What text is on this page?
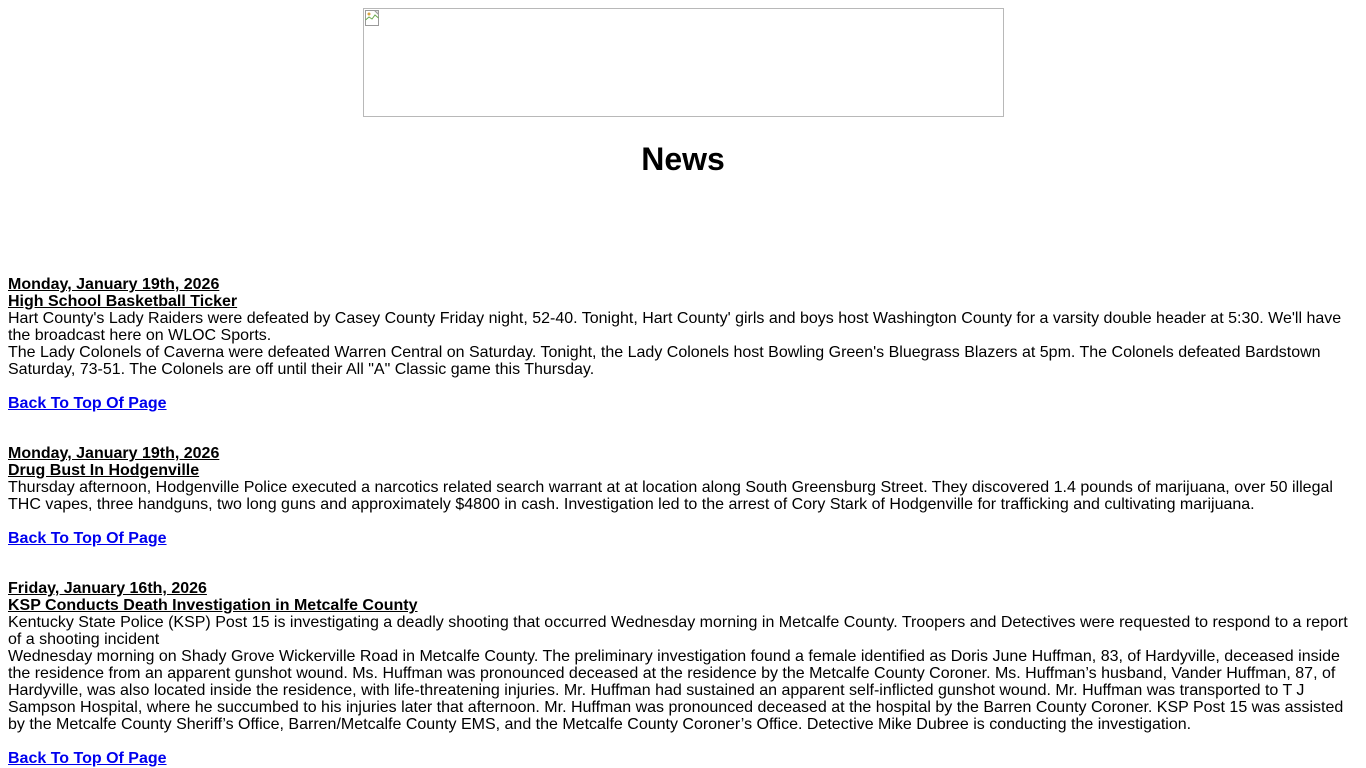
News
Monday, January 19th, 2026
High School Basketball Ticker
Hart County's Lady Raiders were defeated by Casey County Friday night, 52-40. Tonight, Hart County' girls and boys host Washington County for a varsity double header at 5:30. We'll have the broadcast here on WLOC Sports.
The Lady Colonels of Caverna were defeated Warren Central on Saturday. Tonight, the Lady Colonels host Bowling Green's Bluegrass Blazers at 5pm. The Colonels defeated Bardstown Saturday, 73-51. The Colonels are off until their All "A" Classic game this Thursday.
Back To Top Of Page
Monday, January 19th, 2026
Drug Bust In Hodgenville
Thursday afternoon, Hodgenville Police executed a narcotics related search warrant at at location along South Greensburg Street. They discovered 1.4 pounds of marijuana, over 50 illegal THC vapes, three handguns, two long guns and approximately $4800 in cash. Investigation led to the arrest of Cory Stark of Hodgenville for trafficking and cultivating marijuana.
Back To Top Of Page
Friday, January 16th, 2026
KSP Conducts Death Investigation in Metcalfe County
Kentucky State Police (KSP) Post 15 is investigating a deadly shooting that occurred Wednesday morning in Metcalfe County. Troopers and Detectives were requested to respond to a report of a shooting incident
Wednesday morning on Shady Grove Wickerville Road in Metcalfe County. The preliminary investigation found a female identified as Doris June Huffman, 83, of Hardyville, deceased inside the residence from an apparent gunshot wound. Ms. Huffman was pronounced deceased at the residence by the Metcalfe County Coroner. Ms. Huffman’s husband, Vander Huffman, 87, of Hardyville, was also located inside the residence, with life-threatening injuries. Mr. Huffman had sustained an apparent self-inflicted gunshot wound. Mr. Huffman was transported to T J Sampson Hospital, where he succumbed to his injuries later that afternoon. Mr. Huffman was pronounced deceased at the hospital by the Barren County Coroner. KSP Post 15 was assisted by the Metcalfe County Sheriff’s Office, Barren/Metcalfe County EMS, and the Metcalfe County Coroner’s Office. Detective Mike Dubree is conducting the investigation.
Back To Top Of Page
